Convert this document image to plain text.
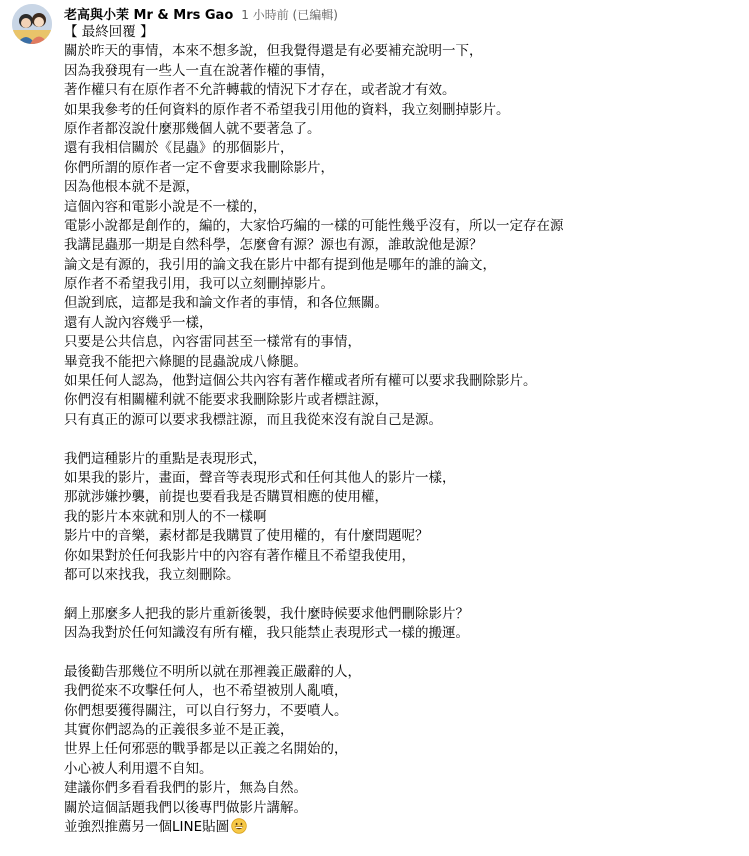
老高與小茉 Mr & Mrs Gao 1 小時前 (已編輯)
【 最終回覆 】
關於昨天的事情，本來不想多說，但我覺得還是有必要補充說明一下，
因為我發現有一些人一直在說著作權的事情，
著作權只有在原作者不允許轉載的情況下才存在，或者說才有效。
如果我參考的任何資料的原作者不希望我引用他的資料，我立刻刪掉影片。
原作者都沒說什麼那幾個人就不要著急了。
還有我相信關於《昆蟲》的那個影片，
你們所謂的原作者一定不會要求我刪除影片，
因為他根本就不是源，
這個內容和電影小說是不一樣的，
電影小說都是創作的，編的，大家恰巧編的一樣的可能性幾乎沒有，所以一定存在源
我講昆蟲那一期是自然科學，怎麼會有源？源也有源，誰敢說他是源？
論文是有源的，我引用的論文我在影片中都有提到他是哪年的誰的論文，
原作者不希望我引用，我可以立刻刪掉影片。
但說到底，這都是我和論文作者的事情，和各位無關。
還有人說內容幾乎一樣，
只要是公共信息，內容雷同甚至一樣常有的事情，
畢竟我不能把六條腿的昆蟲說成八條腿。
如果任何人認為，他對這個公共內容有著作權或者所有權可以要求我刪除影片。
你們沒有相關權利就不能要求我刪除影片或者標註源，
只有真正的源可以要求我標註源，而且我從來沒有說自己是源。
我們這種影片的重點是表現形式，
如果我的影片，畫面，聲音等表現形式和任何其他人的影片一樣，
那就涉嫌抄襲，前提也要看我是否購買相應的使用權，
我的影片本來就和別人的不一樣啊
影片中的音樂，素材都是我購買了使用權的，有什麼問題呢？
你如果對於任何我影片中的內容有著作權且不希望我使用，
都可以來找我，我立刻刪除。
網上那麼多人把我的影片重新後製，我什麼時候要求他們刪除影片？
因為我對於任何知識沒有所有權，我只能禁止表現形式一樣的搬運。
最後勸告那幾位不明所以就在那裡義正嚴辭的人，
我們從來不攻擊任何人，也不希望被別人亂噴，
你們想要獲得關注，可以自行努力，不要噴人。
其實你們認為的正義很多並不是正義，
世界上任何邪惡的戰爭都是以正義之名開始的，
小心被人利用還不自知。
建議你們多看看我們的影片，無為自然。
關於這個話題我們以後專門做影片講解。
並強烈推薦另一個LINE貼圖
